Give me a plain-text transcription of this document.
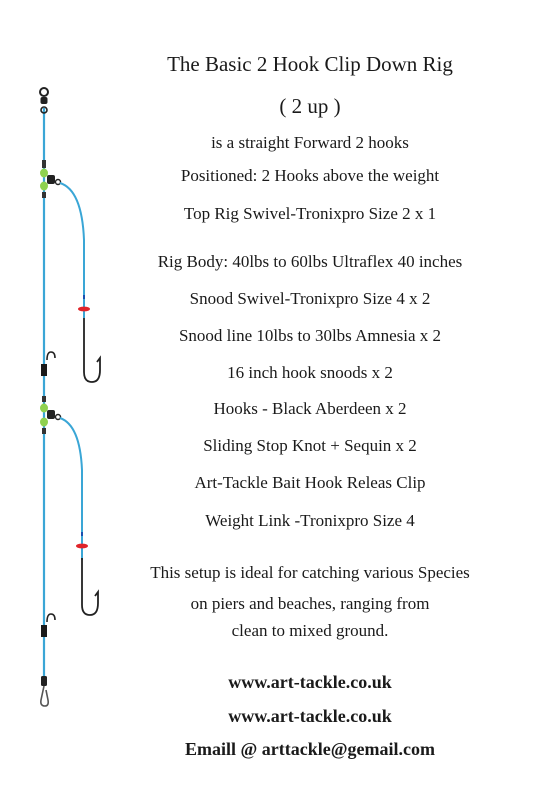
The Basic 2 Hook Clip Down Rig
( 2 up )
is a straight Forward 2 hooks
Positioned: 2 Hooks above the weight
Top Rig Swivel-Tronixpro Size 2 x 1
Rig Body: 40lbs to 60lbs Ultraflex 40 inches
Snood Swivel-Tronixpro Size 4 x 2
Snood line 10lbs to 30lbs Amnesia x 2
16 inch hook snoods x 2
Hooks - Black Aberdeen x 2
Sliding Stop Knot + Sequin x 2
Art-Tackle Bait Hook Releas Clip
Weight Link -Tronixpro Size 4
This setup is ideal for catching various Species
on piers and beaches, ranging from
clean to mixed ground.
www.art-tackle.co.uk
www.art-tackle.co.uk
Emaill @ arttackle@gemail.com
